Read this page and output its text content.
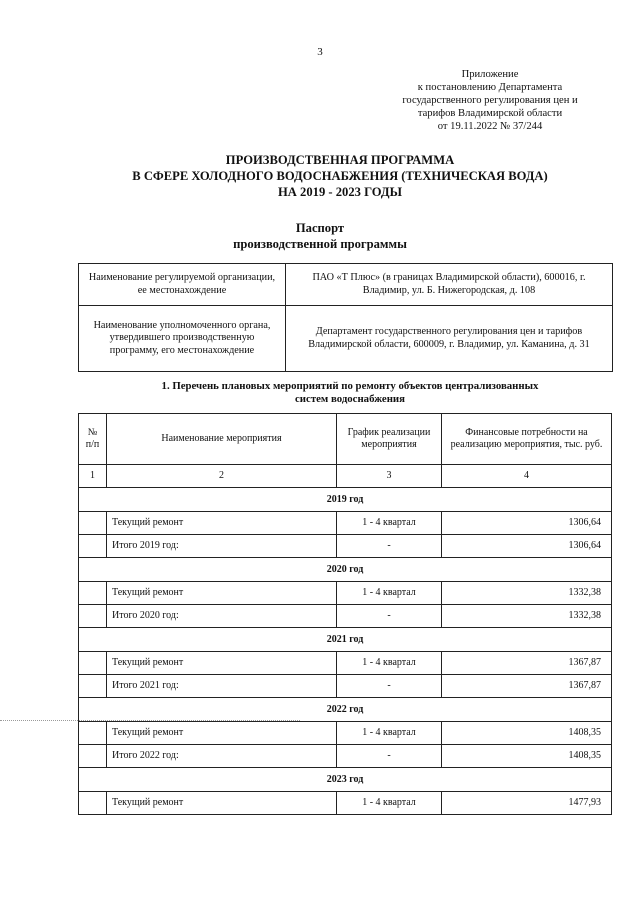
3
Приложение
к постановлению Департамента
государственного регулирования цен и
тарифов Владимирской области
от 19.11.2022 № 37/244
ПРОИЗВОДСТВЕННАЯ ПРОГРАММА
В СФЕРЕ ХОЛОДНОГО ВОДОСНАБЖЕНИЯ (ТЕХНИЧЕСКАЯ ВОДА)
НА 2019 - 2023 ГОДЫ
Паспорт
производственной программы
Наименование регулируемой организации, ее местонахождение	ПАО «Т Плюс» (в границах Владимирской области), 600016, г. Владимир, ул. Б. Нижегородская, д. 108
Наименование уполномоченного органа, утвердившего производственную программу, его местонахождение	Департамент государственного регулирования цен и тарифов Владимирской области, 600009, г. Владимир, ул. Каманина, д. 31
1. Перечень плановых мероприятий по ремонту объектов централизованных
систем водоснабжения
№ п/п	Наименование мероприятия	График реализации мероприятия	Финансовые потребности на реализацию мероприятия, тыс. руб.
1	2	3	4
2019 год			
	Текущий ремонт	1 - 4 квартал	1306,64
	Итого 2019 год:	-	1306,64
2020 год			
	Текущий ремонт	1 - 4 квартал	1332,38
	Итого 2020 год:	-	1332,38
2021 год			
	Текущий ремонт	1 - 4 квартал	1367,87
	Итого 2021 год:	-	1367,87
2022 год			
	Текущий ремонт	1 - 4 квартал	1408,35
	Итого 2022 год:	-	1408,35
2023 год			
	Текущий ремонт	1 - 4 квартал	1477,93
